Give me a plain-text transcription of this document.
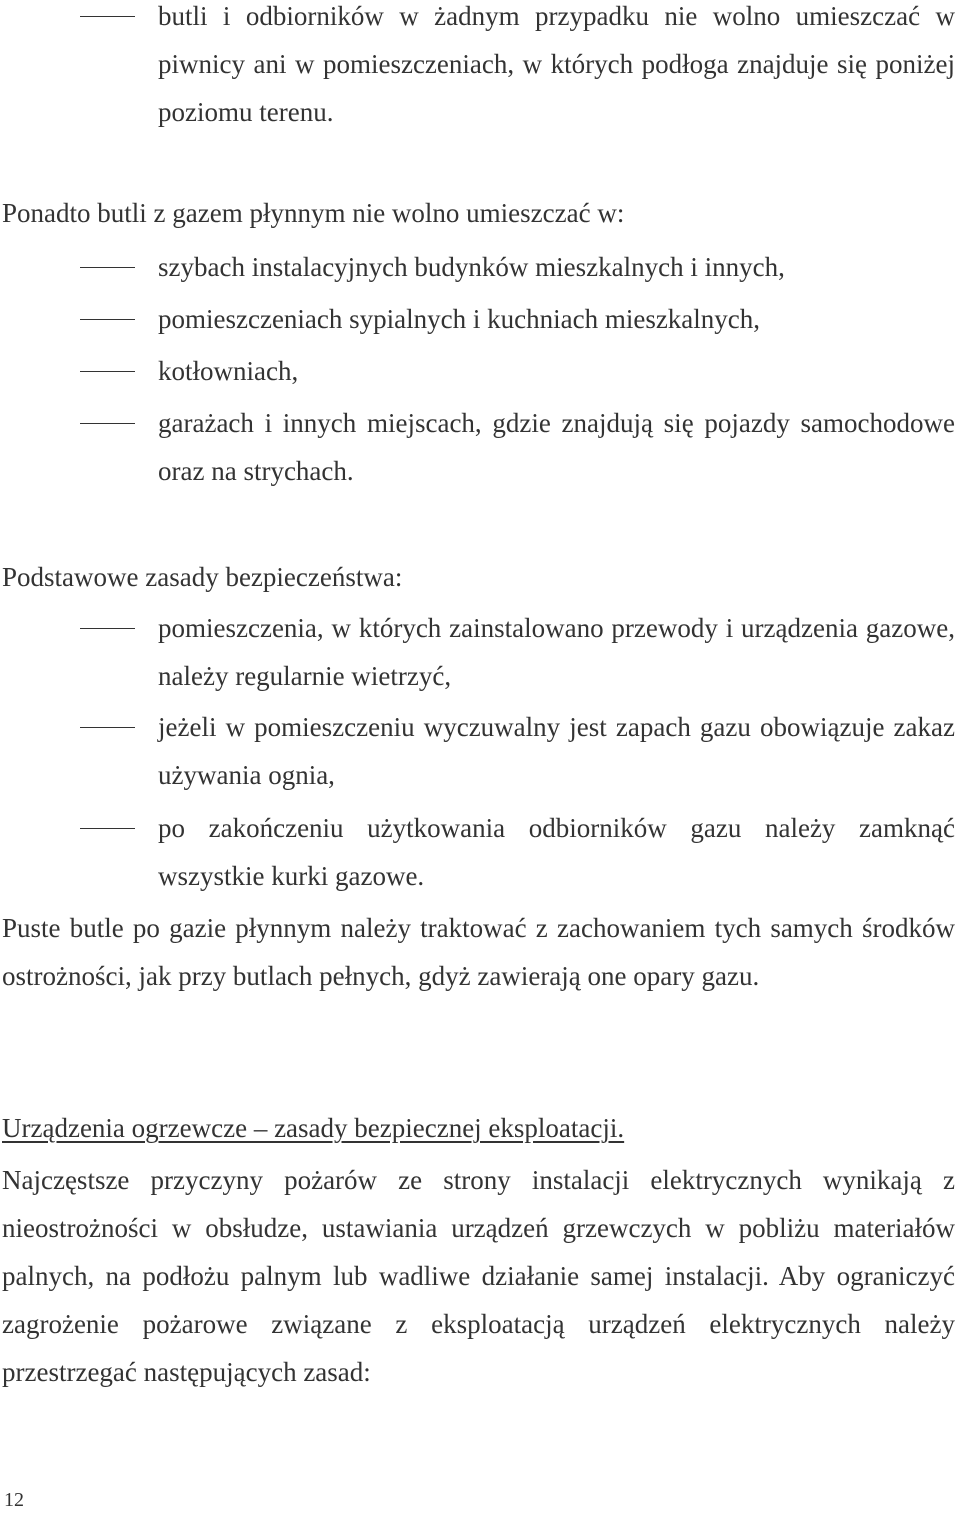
butli i odbiorników w żadnym przypadku nie wolno umieszczać w piwnicy ani w pomieszczeniach, w których podłoga znajduje się poniżej poziomu terenu.
Ponadto butli z gazem płynnym nie wolno umieszczać w:
szybach instalacyjnych budynków mieszkalnych i innych,
pomieszczeniach sypialnych i kuchniach mieszkalnych,
kotłowniach,
garażach i innych miejscach, gdzie znajdują się pojazdy samochodowe oraz na strychach.
Podstawowe zasady bezpieczeństwa:
pomieszczenia, w których zainstalowano przewody i urządzenia gazowe, należy regularnie wietrzyć,
jeżeli w pomieszczeniu wyczuwalny jest zapach gazu obowiązuje zakaz używania ognia,
po zakończeniu użytkowania odbiorników gazu należy zamknąć wszystkie kurki gazowe.
Puste butle po gazie płynnym należy traktować z zachowaniem tych samych środków ostrożności, jak przy butlach pełnych, gdyż zawierają one opary gazu.
Urządzenia ogrzewcze – zasady bezpiecznej eksploatacji.
Najczęstsze przyczyny pożarów ze strony instalacji elektrycznych wynikają z nieostrożności w obsłudze, ustawiania urządzeń grzewczych w pobliżu materiałów palnych, na podłożu palnym lub wadliwe działanie samej instalacji. Aby ograniczyć zagrożenie pożarowe związane z eksploatacją urządzeń elektrycznych należy przestrzegać następujących zasad:
12
